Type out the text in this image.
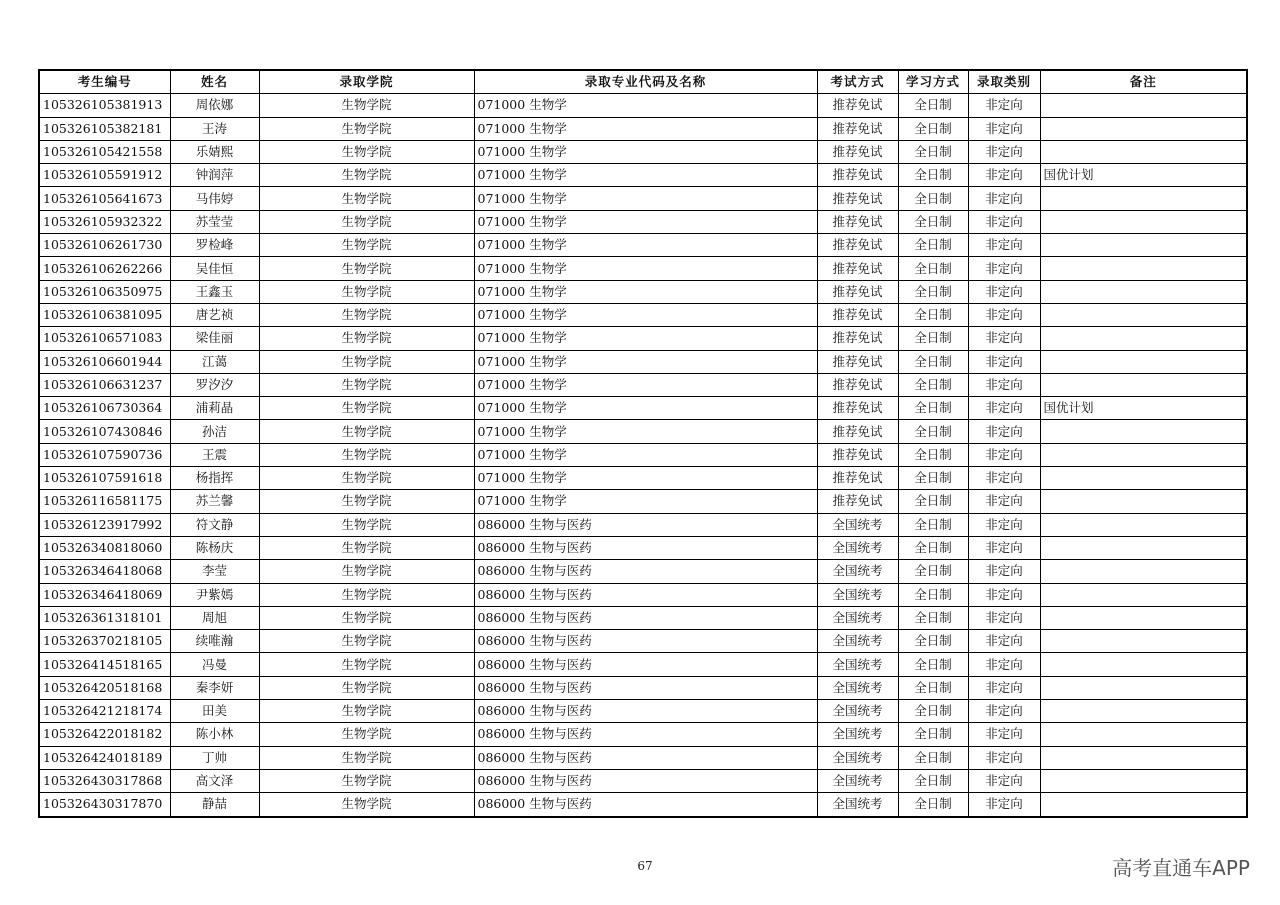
考生编号	姓名	录取学院	录取专业代码及名称	考试方式	学习方式	录取类别	备注
105326105381913	周依娜	生物学院	071000 生物学	推荐免试	全日制	非定向	
105326105382181	王涛	生物学院	071000 生物学	推荐免试	全日制	非定向	
105326105421558	乐婧熙	生物学院	071000 生物学	推荐免试	全日制	非定向	
105326105591912	钟润萍	生物学院	071000 生物学	推荐免试	全日制	非定向	国优计划
105326105641673	马伟婷	生物学院	071000 生物学	推荐免试	全日制	非定向	
105326105932322	苏莹莹	生物学院	071000 生物学	推荐免试	全日制	非定向	
105326106261730	罗检峰	生物学院	071000 生物学	推荐免试	全日制	非定向	
105326106262266	吴佳恒	生物学院	071000 生物学	推荐免试	全日制	非定向	
105326106350975	王鑫玉	生物学院	071000 生物学	推荐免试	全日制	非定向	
105326106381095	唐艺祯	生物学院	071000 生物学	推荐免试	全日制	非定向	
105326106571083	梁佳丽	生物学院	071000 生物学	推荐免试	全日制	非定向	
105326106601944	江蔼	生物学院	071000 生物学	推荐免试	全日制	非定向	
105326106631237	罗汐汐	生物学院	071000 生物学	推荐免试	全日制	非定向	
105326106730364	浦莉晶	生物学院	071000 生物学	推荐免试	全日制	非定向	国优计划
105326107430846	孙洁	生物学院	071000 生物学	推荐免试	全日制	非定向	
105326107590736	王震	生物学院	071000 生物学	推荐免试	全日制	非定向	
105326107591618	杨指挥	生物学院	071000 生物学	推荐免试	全日制	非定向	
105326116581175	苏兰馨	生物学院	071000 生物学	推荐免试	全日制	非定向	
105326123917992	符文静	生物学院	086000 生物与医药	全国统考	全日制	非定向	
105326340818060	陈杨庆	生物学院	086000 生物与医药	全国统考	全日制	非定向	
105326346418068	李莹	生物学院	086000 生物与医药	全国统考	全日制	非定向	
105326346418069	尹紫嫣	生物学院	086000 生物与医药	全国统考	全日制	非定向	
105326361318101	周旭	生物学院	086000 生物与医药	全国统考	全日制	非定向	
105326370218105	续唯瀚	生物学院	086000 生物与医药	全国统考	全日制	非定向	
105326414518165	冯曼	生物学院	086000 生物与医药	全国统考	全日制	非定向	
105326420518168	秦李妍	生物学院	086000 生物与医药	全国统考	全日制	非定向	
105326421218174	田美	生物学院	086000 生物与医药	全国统考	全日制	非定向	
105326422018182	陈小林	生物学院	086000 生物与医药	全国统考	全日制	非定向	
105326424018189	丁帅	生物学院	086000 生物与医药	全国统考	全日制	非定向	
105326430317868	高文泽	生物学院	086000 生物与医药	全国统考	全日制	非定向	
105326430317870	静喆	生物学院	086000 生物与医药	全国统考	全日制	非定向	
67	高考直通车APP
